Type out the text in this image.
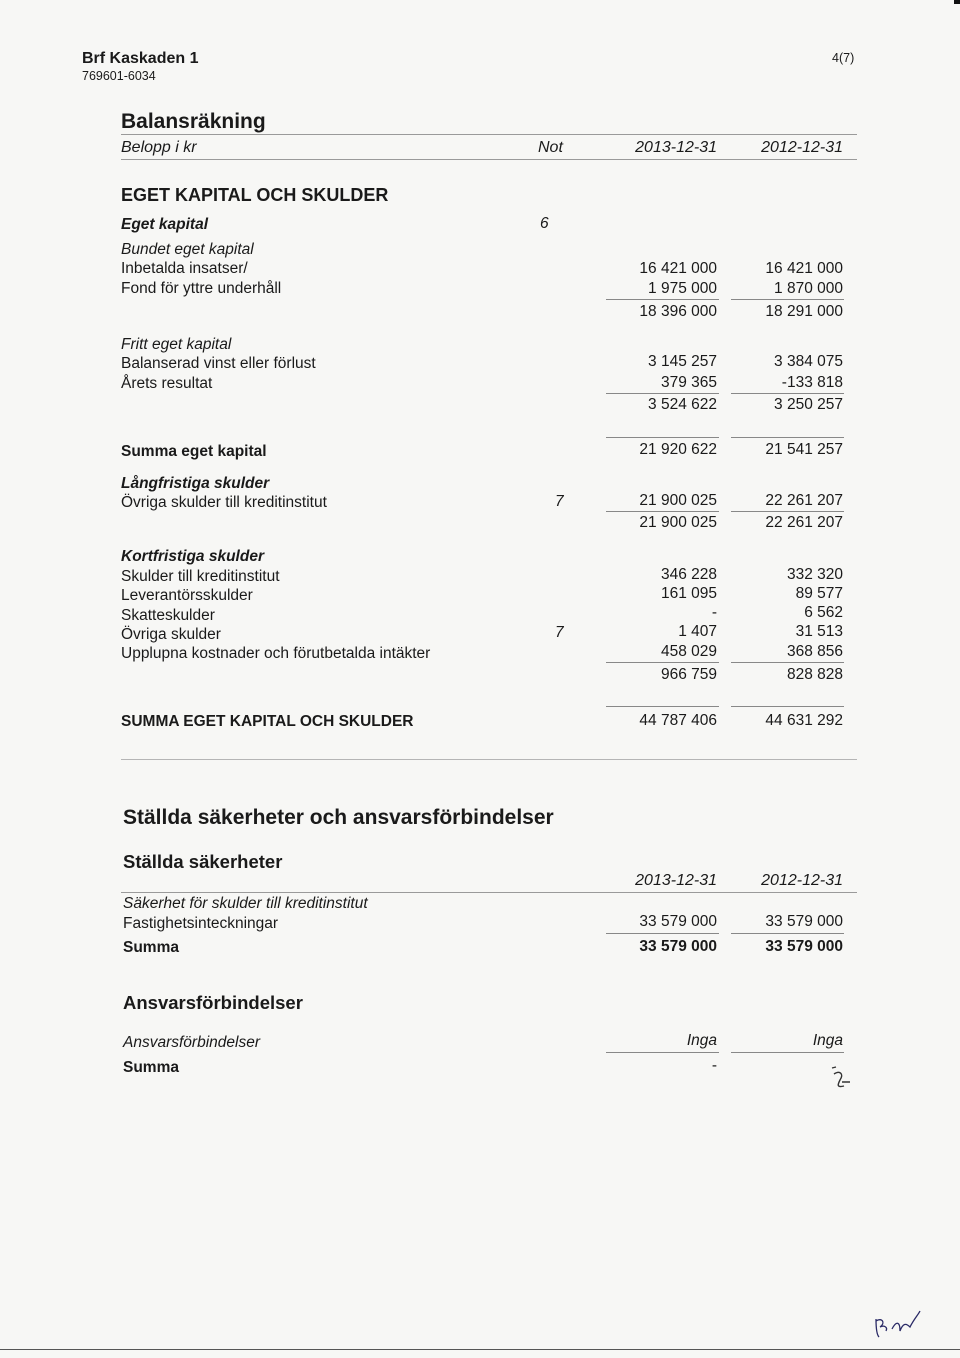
Brf Kaskaden 1
769601-6034
4(7)
Balansräkning
Belopp i kr	Not	2013-12-31	2012-12-31
EGET KAPITAL OCH SKULDER
Eget kapital	6
Bundet eget kapital
Inbetalda insatser/	16 421 000	16 421 000
Fond för yttre underhåll	1 975 000	1 870 000
18 396 000	18 291 000
Fritt eget kapital
Balanserad vinst eller förlust	3 145 257	3 384 075
Årets resultat	379 365	-133 818
3 524 622	3 250 257
Summa eget kapital	21 920 622	21 541 257
Långfristiga skulder
Övriga skulder till kreditinstitut	7	21 900 025	22 261 207
21 900 025	22 261 207
Kortfristiga skulder
Skulder till kreditinstitut	346 228	332 320
Leverantörsskulder	161 095	89 577
Skatteskulder	-	6 562
Övriga skulder	7	1 407	31 513
Upplupna kostnader och förutbetalda intäkter	458 029	368 856
966 759	828 828
SUMMA EGET KAPITAL OCH SKULDER	44 787 406	44 631 292
Ställda säkerheter och ansvarsförbindelser
Ställda säkerheter
2013-12-31	2012-12-31
Säkerhet för skulder till kreditinstitut
Fastighetsinteckningar	33 579 000	33 579 000
Summa	33 579 000	33 579 000
Ansvarsförbindelser
Ansvarsförbindelser	Inga	Inga
Summa	-
